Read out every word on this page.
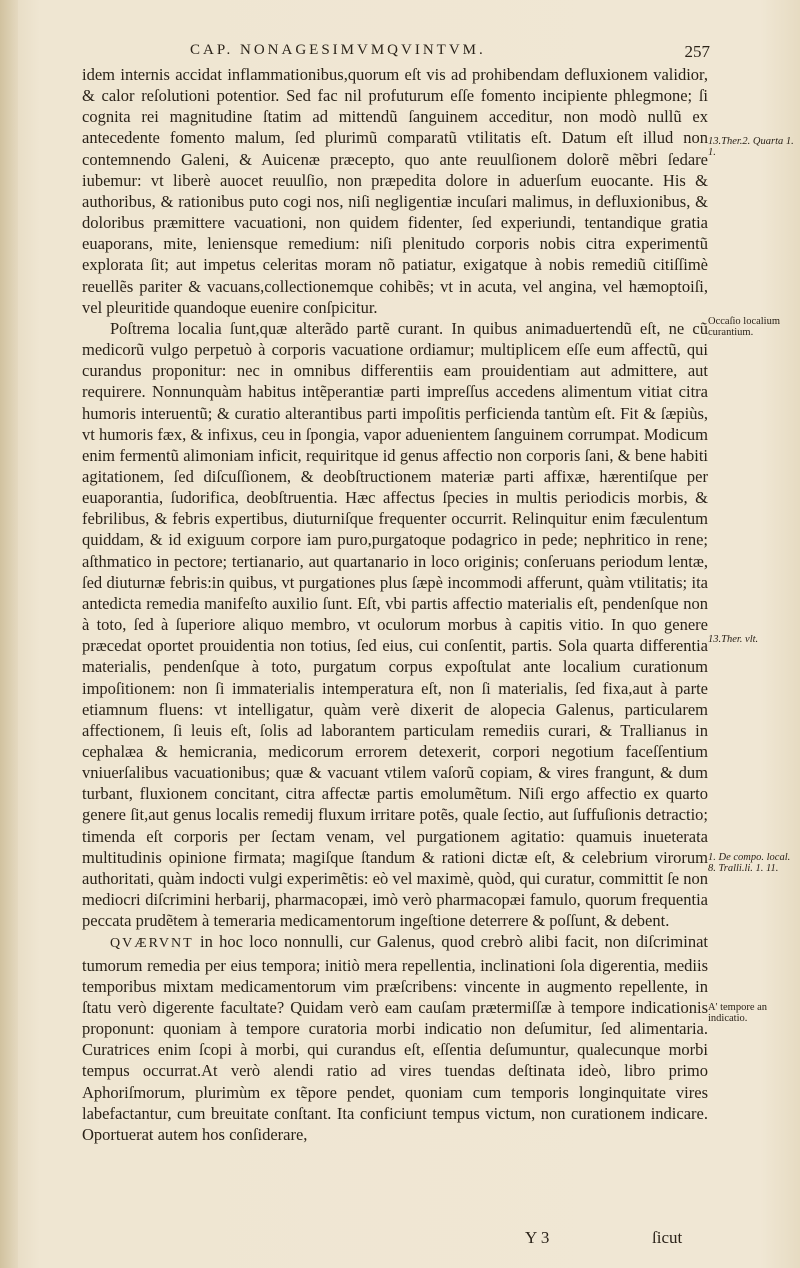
CAP. NONAGESIMVMQVINTVM.	257

idem internis accidat inflammationibus,quorum eſt vis ad prohibendam defluxionem validior, & calor reſolutioni potentior. Sed fac nil profuturum eſſe fomento incipiente phlegmone; ſi cognita rei magnitudine ſtatim ad mittendũ ſanguinem acceditur, non modò nullũ ex antecedente fomento malum, ſed plurimũ comparatũ vtilitatis eſt. Datum eſt illud non contemnendo Galeni, & Auicenæ præcepto, quo ante reuulſionem dolorẽ mẽbri ſedare iubemur: vt liberè auocet reuulſio, non præpedita dolore in aduerſum euocante. His & authoribus, & rationibus puto cogi nos, niſi negligentiæ incuſari malimus, in defluxionibus, & doloribus præmittere vacuationi, non quidem fidenter, ſed experiundi, tentandique gratia euaporans, mite, leniensque remedium: niſi plenitudo corporis nobis citra experimentũ explorata ſit; aut impetus celeritas moram nõ patiatur, exigatque à nobis remediũ citiſſimè reuellẽs pariter & vacuans,collectionemque cohibẽs; vt in acuta, vel angina, vel hæmoptoiſi, vel pleuritide quandoque euenire conſpicitur.

Poſtrema localia ſunt,quæ alterãdo partẽ curant. In quibus animaduertendũ eſt, ne cũ medicorũ vulgo perpetuò à corporis vacuatione ordiamur; multiplicem eſſe eum affectũ, qui curandus proponitur: nec in omnibus differentiis eam prouidentiam aut admittere, aut requirere. Nonnunquàm habitus intẽperantiæ parti impreſſus accedens alimentum vitiat citra humoris interuentũ; & curatio alterantibus parti impoſitis perficienda tantùm eſt. Fit & ſæpiùs, vt humoris fæx, & infixus, ceu in ſpongia, vapor aduenientem ſanguinem corrumpat. Modicum enim fermentũ alimoniam inficit, requiritque id genus affectio non corporis ſani, & bene habiti agitationem, ſed diſcuſſionem, & deobſtructionem materiæ parti affixæ, hærentiſque per euaporantia, ſudorifica, deobſtruentia. Hæc affectus ſpecies in multis periodicis morbis, & febrilibus, & febris expertibus, diuturniſque frequenter occurrit. Relinquitur enim fæculentum quiddam, & id exiguum corpore iam puro,purgatoque podagrico in pede; nephritico in rene; aſthmatico in pectore; tertianario, aut quartanario in loco originis; conſeruans periodum lentæ, ſed diuturnæ febris:in quibus, vt purgationes plus ſæpè incommodi afferunt, quàm vtilitatis; ita antedicta remedia manifeſto auxilio ſunt. Eſt, vbi partis affectio materialis eſt, pendenſque non à toto, ſed à ſuperiore aliquo membro, vt oculorum morbus à capitis vitio. In quo genere præcedat oportet prouidentia non totius, ſed eius, cui conſentit, partis. Sola quarta differentia materialis, pendenſque à toto, purgatum corpus expoſtulat ante localium curationum impoſitionem: non ſi immaterialis intemperatura eſt, non ſi materialis, ſed fixa,aut à parte etiamnum fluens: vt intelligatur, quàm verè dixerit de alopecia Galenus, particularem affectionem, ſi leuis eſt, ſolis ad laborantem particulam remediis curari, & Trallianus in cephalæa & hemicrania, medicorum errorem detexerit, corpori negotium faceſſentium vniuerſalibus vacuationibus; quæ & vacuant vtilem vaſorũ copiam, & vires frangunt, & dum turbant, fluxionem concitant, citra affectæ partis emolumẽtum. Niſi ergo affectio ex quarto genere ſit,aut genus localis remedij fluxum irritare potẽs, quale ſectio, aut ſuffuſionis detractio; timenda eſt corporis per ſectam venam, vel purgationem agitatio: quamuis inueterata multitudinis opinione firmata; magiſque ſtandum & rationi dictæ eſt, & celebrium virorum authoritati, quàm indocti vulgi experimẽtis: eò vel maximè, quòd, qui curatur, committit ſe non mediocri diſcrimini herbarij, pharmacopæi, imò verò pharmacopæi famulo, quorum frequentia peccata prudẽtem à temeraria medicamentorum ingeſtione deterrere & poſſunt, & debent.

QVÆRVNT in hoc loco nonnulli, cur Galenus, quod crebrò alibi facit, non diſcriminat tumorum remedia per eius tempora; initiò mera repellentia, inclinationi ſola digerentia, mediis temporibus mixtam medicamentorum vim præſcribens: vincente in augmento repellente, in ſtatu verò digerente facultate? Quidam verò eam cauſam prætermiſſæ à tempore indicationis proponunt: quoniam à tempore curatoria morbi indicatio non deſumitur, ſed alimentaria. Curatrices enim ſcopi à morbi, qui curandus eſt, eſſentia deſumuntur, qualecunque morbi tempus occurrat.At verò alendi ratio ad vires tuendas deſtinata ideò, libro primo Aphoriſmorum, plurimùm ex tẽpore pendet, quoniam cum temporis longinquitate vires labefactantur, cum breuitate conſtant. Ita conficiunt tempus victum, non curationem indicare. Oportuerat autem hos conſiderare,

13.Ther.2. Quarta 1. 1.
Occaſio localium curantium.
13.Ther. vlt.
1. De compo. local. 8. Tralli.li. 1. 11.
A' tempore an indicatio.
Y 3	ſicut
